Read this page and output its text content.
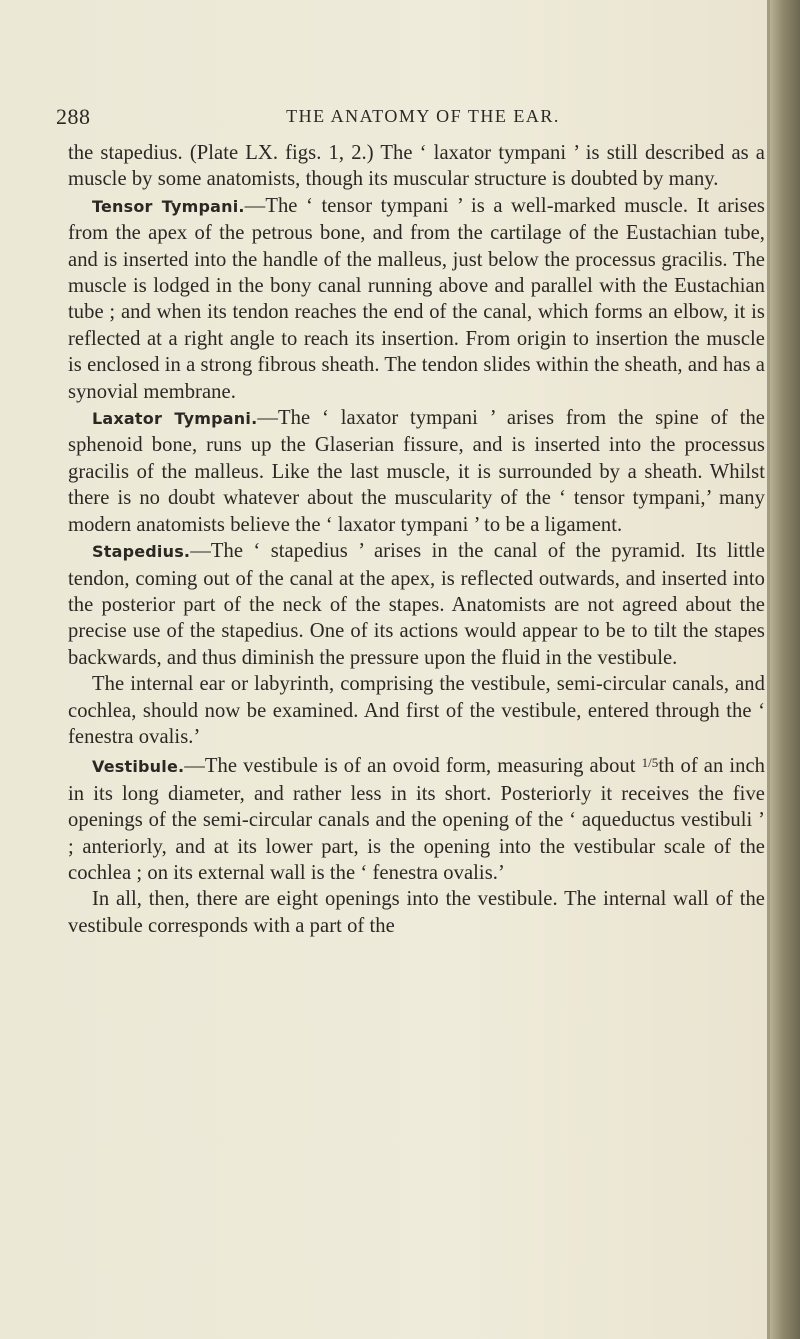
288	THE ANATOMY OF THE EAR.

the stapedius. (Plate LX. figs. 1, 2.) The ‘ laxator tympani ’ is still described as a muscle by some anatomists, though its muscular structure is doubted by many.

Tensor Tympani.—The ‘ tensor tympani ’ is a well-marked muscle. It arises from the apex of the petrous bone, and from the cartilage of the Eustachian tube, and is inserted into the handle of the malleus, just below the processus gracilis. The muscle is lodged in the bony canal running above and parallel with the Eustachian tube ; and when its tendon reaches the end of the canal, which forms an elbow, it is reflected at a right angle to reach its insertion. From origin to insertion the muscle is enclosed in a strong fibrous sheath. The tendon slides within the sheath, and has a synovial membrane.

Laxator Tympani.—The ‘ laxator tympani ’ arises from the spine of the sphenoid bone, runs up the Glaserian fissure, and is inserted into the processus gracilis of the malleus. Like the last muscle, it is surrounded by a sheath. Whilst there is no doubt whatever about the muscularity of the ‘ tensor tympani,’ many modern anatomists believe the ‘ laxator tympani ’ to be a ligament.

Stapedius.—The ‘ stapedius ’ arises in the canal of the pyramid. Its little tendon, coming out of the canal at the apex, is reflected outwards, and inserted into the posterior part of the neck of the stapes. Anatomists are not agreed about the precise use of the stapedius. One of its actions would appear to be to tilt the stapes backwards, and thus diminish the pressure upon the fluid in the vestibule.

The internal ear or labyrinth, comprising the vestibule, semi-circular canals, and cochlea, should now be examined. And first of the vestibule, entered through the ‘ fenestra ovalis.’

Vestibule.—The vestibule is of an ovoid form, measuring about $^{1/5}$th of an inch in its long diameter, and rather less in its short. Posteriorly it receives the five openings of the semi-circular canals and the opening of the ‘ aqueductus vestibuli ’ ; anteriorly, and at its lower part, is the opening into the vestibular scale of the cochlea ; on its external wall is the ‘ fenestra ovalis.’

In all, then, there are eight openings into the vestibule. The internal wall of the vestibule corresponds with a part of the
